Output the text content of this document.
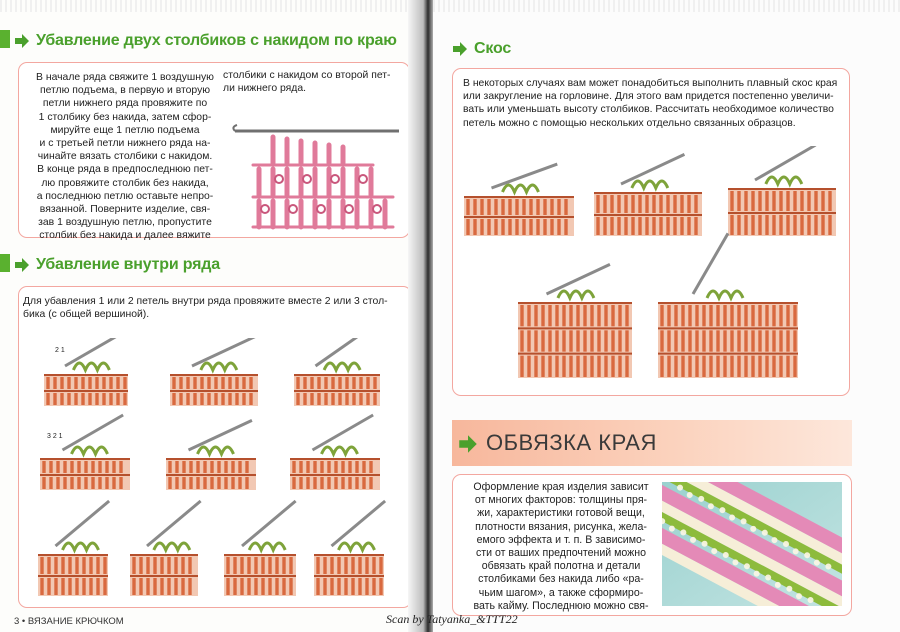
Убавление двух столбиков с накидом по краю
В начале ряда свяжите 1 воздушную
петлю подъема, в первую и вторую
петли нижнего ряда провяжите по
1 столбику без накида, затем сфор-
мируйте еще 1 петлю подъема
и с третьей петли нижнего ряда на-
чинайте вязать столбики с накидом.
В конце ряда в предпоследнюю пет-
лю провяжите столбик без накида,
а последнюю петлю оставьте непро-
вязанной. Поверните изделие, свя-
зав 1 воздушную петлю, пропустите
столбик без накида и далее вяжите
столбики с накидом со второй пет-
ли нижнего ряда.
Убавление внутри ряда
Для убавления 1 или 2 петель внутри ряда провяжите вместе 2 или 3 стол-
бика (с общей вершиной).
2 1
3 2 1
3 • ВЯЗАНИЕ КРЮЧКОМ
Скос
В некоторых случаях вам может понадобиться выполнить плавный скос края
или закругление на горловине. Для этого вам придется постепенно увеличи-
вать или уменьшать высоту столбиков. Рассчитать необходимое количество
петель можно с помощью нескольких отдельно связанных образцов.
ОБВЯЗКА КРАЯ
Оформление края изделия зависит
от многих факторов: толщины пря-
жи, характеристики готовой вещи,
плотности вязания, рисунка, жела-
емого эффекта и т. п. В зависимо-
сти от ваших предпочтений можно
обвязать край полотна и детали
столбиками без накида либо «ра-
чьим шагом», а также сформиро-
вать кайму. Последнюю можно свя-
Scan by Tatyanka_&TTT22
